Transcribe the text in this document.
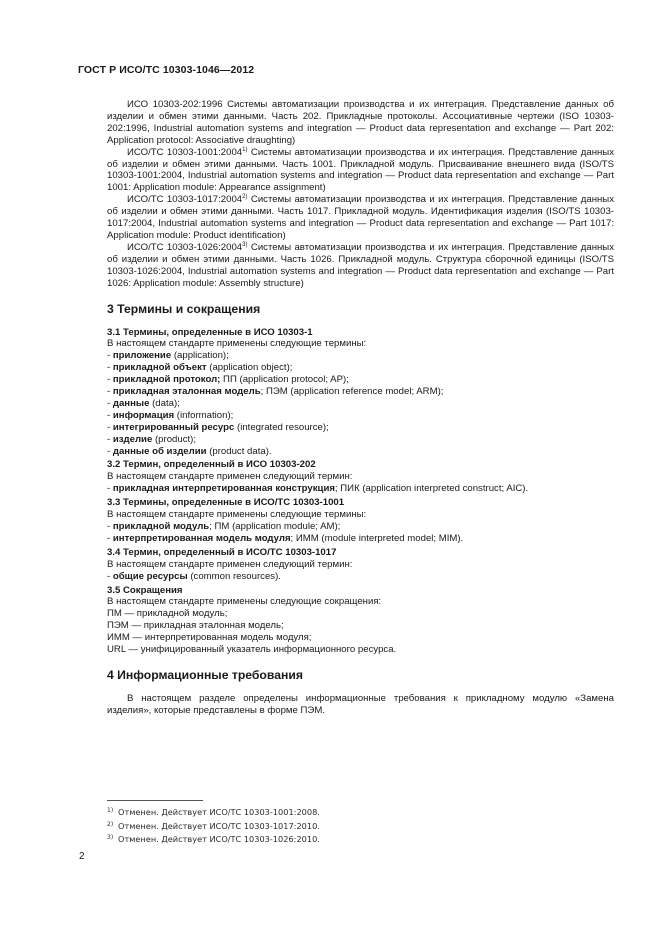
ГОСТ Р ИСО/ТС 10303-1046—2012

ИСО 10303-202:1996 Системы автоматизации производства и их интеграция. Представление данных об изделии и обмен этими данными. Часть 202. Прикладные протоколы. Ассоциативные чертежи (ISO 10303-202:1996, Industrial automation systems and integration — Product data representation and exchange — Part 202: Application protocol: Associative draughting)

ИСО/ТС 10303-1001:2004$^{1)}$ Системы автоматизации производства и их интеграция. Представление данных об изделии и обмен этими данными. Часть 1001. Прикладной модуль. Присваивание внешнего вида (ISO/TS 10303-1001:2004, Industrial automation systems and integration — Product data representation and exchange — Part 1001: Application module: Appearance assignment)

ИСО/ТС 10303-1017:2004$^{2)}$ Системы автоматизации производства и их интеграция. Представление данных об изделии и обмен этими данными. Часть 1017. Прикладной модуль. Идентификация изделия (ISO/TS 10303-1017:2004, Industrial automation systems and integration — Product data representation and exchange — Part 1017: Application module: Product identification)

ИСО/ТС 10303-1026:2004$^{3)}$ Системы автоматизации производства и их интеграция. Представление данных об изделии и обмен этими данными. Часть 1026. Прикладной модуль. Структура сборочной единицы (ISO/TS 10303-1026:2004, Industrial automation systems and integration — Product data representation and exchange — Part 1026: Application module: Assembly structure)

3 Термины и сокращения
3.1 Термины, определенные в ИСО 10303-1

В настоящем стандарте применены следующие термины:

- приложение (application);
- прикладной объект (application object);
- прикладной протокол; ПП (application protocol; AP);
- прикладная эталонная модель; ПЭМ (application reference model; ARM);
- данные (data);
- информация (information);
- интегрированный ресурс (integrated resource);
- изделие (product);
- данные об изделии (product data).
3.2 Термин, определенный в ИСО 10303-202

В настоящем стандарте применен следующий термин:

- прикладная интерпретированная конструкция; ПИК (application interpreted construct; AIC).
3.3 Термины, определенные в ИСО/ТС 10303-1001

В настоящем стандарте применены следующие термины:

- прикладной модуль; ПМ (application module; AM);
- интерпретированная модель модуля; ИММ (module interpreted model; MIM).
3.4 Термин, определенный в ИСО/ТС 10303-1017

В настоящем стандарте применен следующий термин:

- общие ресурсы (common resources).
3.5 Сокращения

В настоящем стандарте применены следующие сокращения:

ПМ — прикладной модуль;
ПЭМ — прикладная эталонная модель;
ИММ — интерпретированная модель модуля;
URL — унифицированный указатель информационного ресурса.
4 Информационные требования

В настоящем разделе определены информационные требования к прикладному модулю «Замена изделия», которые представлены в форме ПЭМ.

1) Отменен. Действует ИСО/ТС 10303-1001:2008.
2) Отменен. Действует ИСО/ТС 10303-1017:2010.
3) Отменен. Действует ИСО/ТС 10303-1026:2010.
2
